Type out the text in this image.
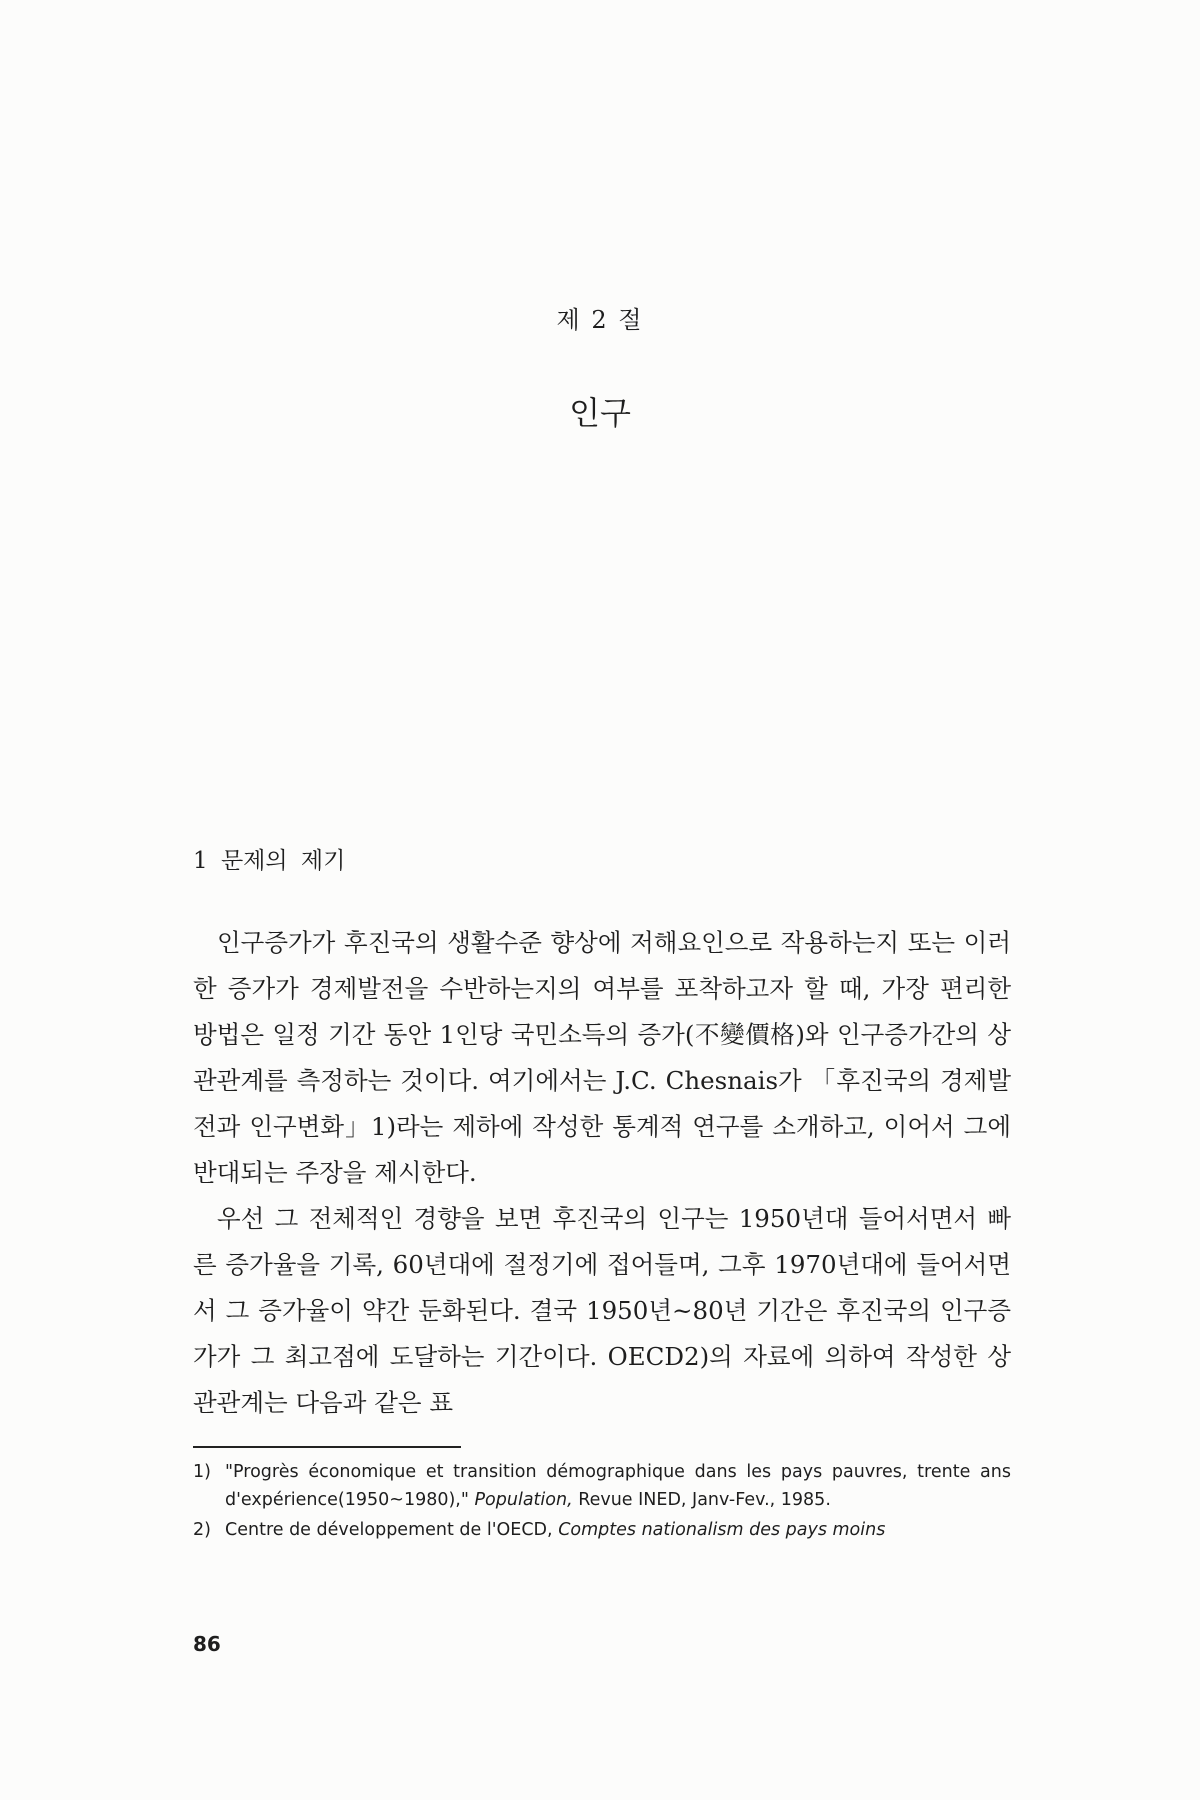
제 2 절
인구
1 문제의 제기

인구증가가 후진국의 생활수준 향상에 저해요인으로 작용하는지 또는 이러한 증가가 경제발전을 수반하는지의 여부를 포착하고자 할 때, 가장 편리한 방법은 일정 기간 동안 1인당 국민소득의 증가(不變價格)와 인구증가간의 상관관계를 측정하는 것이다. 여기에서는 J.C. Chesnais가 「후진국의 경제발전과 인구변화」1)라는 제하에 작성한 통계적 연구를 소개하고, 이어서 그에 반대되는 주장을 제시한다.

우선 그 전체적인 경향을 보면 후진국의 인구는 1950년대 들어서면서 빠른 증가율을 기록, 60년대에 절정기에 접어들며, 그후 1970년대에 들어서면서 그 증가율이 약간 둔화된다. 결국 1950년~80년 기간은 후진국의 인구증가가 그 최고점에 도달하는 기간이다. OECD2)의 자료에 의하여 작성한 상관관계는 다음과 같은 표

1) "Progrès économique et transition démographique dans les pays pauvres, trente ans d'expérience(1950~1980)," Population, Revue INED, Janv-Fev., 1985.
2) Centre de développement de l'OECD, Comptes nationalism des pays moins
86
